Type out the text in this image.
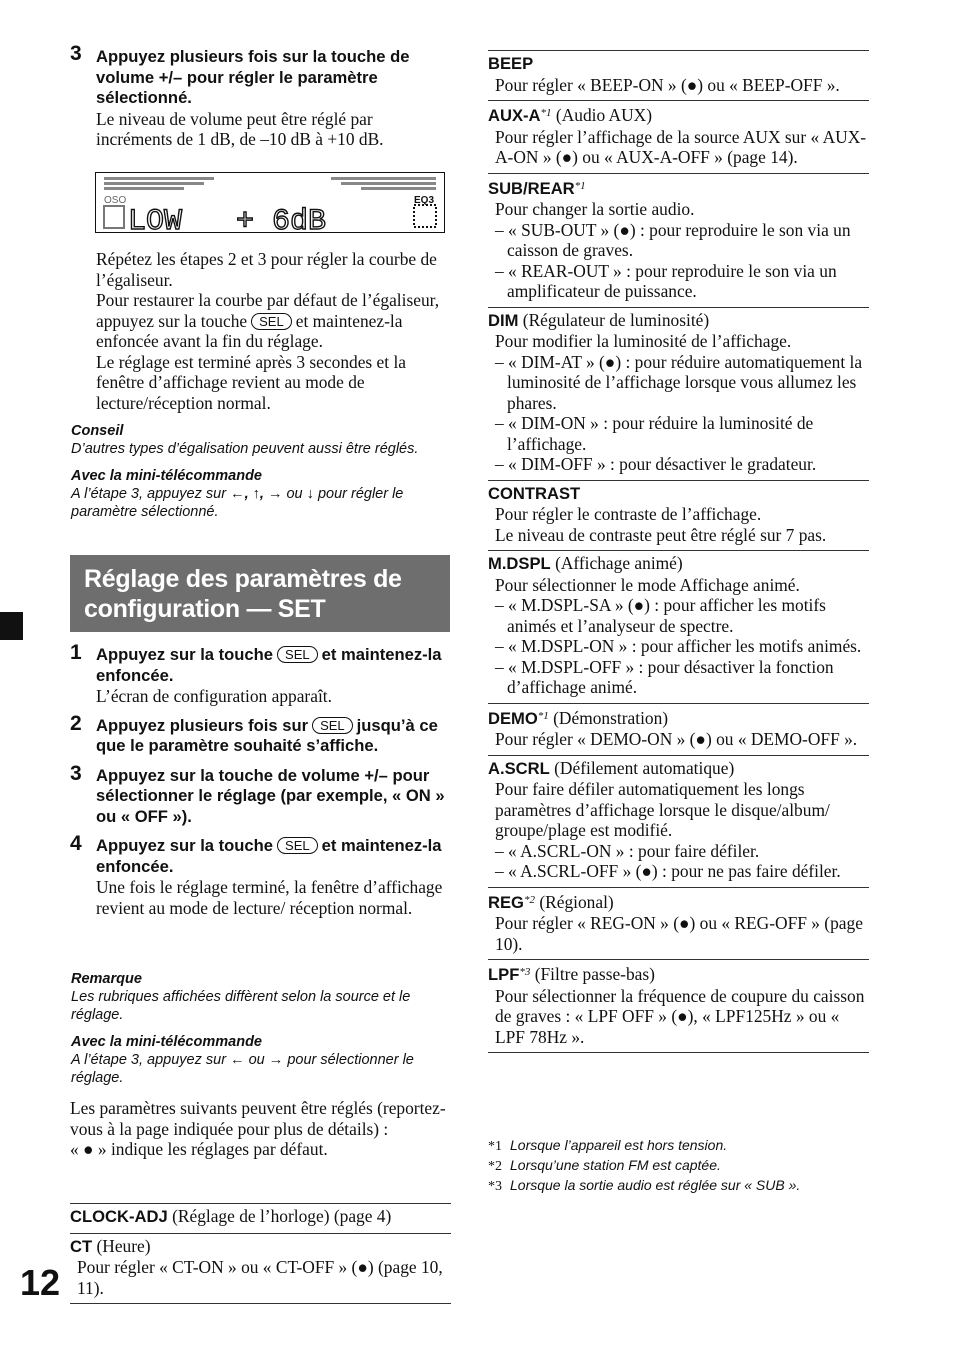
3 Appuyez plusieurs fois sur la touche de volume +/– pour régler le paramètre sélectionné.
Le niveau de volume peut être réglé par incréments de 1 dB, de –10 dB à +10 dB.
OSO	EQ3
LOW   + 6dB
Répétez les étapes 2 et 3 pour régler la courbe de l’égaliseur.
Pour restaurer la courbe par défaut de l’égaliseur, appuyez sur la touche SEL et maintenez-la enfoncée avant la fin du réglage.
Le réglage est terminé après 3 secondes et la fenêtre d’affichage revient au mode de lecture/réception normal.
Conseil
D’autres types d’égalisation peuvent aussi être réglés.
Avec la mini-télécommande
A l’étape 3, appuyez sur ←, ↑, → ou ↓ pour régler le paramètre sélectionné.
Réglage des paramètres de configuration — SET
1 Appuyez sur la touche SEL et maintenez-la enfoncée.
L’écran de configuration apparaît.
2 Appuyez plusieurs fois sur SEL jusqu’à ce que le paramètre souhaité s’affiche.
3 Appuyez sur la touche de volume +/– pour sélectionner le réglage (par exemple, « ON » ou « OFF »).
4 Appuyez sur la touche SEL et maintenez-la enfoncée.
Une fois le réglage terminé, la fenêtre d’affichage revient au mode de lecture/ réception normal.
Remarque
Les rubriques affichées diffèrent selon la source et le réglage.
Avec la mini-télécommande
A l’étape 3, appuyez sur ← ou → pour sélectionner le réglage.
Les paramètres suivants peuvent être réglés (reportez-vous à la page indiquée pour plus de détails) :
« ● » indique les réglages par défaut.
CLOCK-ADJ (Réglage de l’horloge) (page 4)
CT (Heure)
Pour régler « CT-ON » ou « CT-OFF » (●) (page 10, 11).
12
BEEP
Pour régler « BEEP-ON » (●) ou « BEEP-OFF ».
AUX-$A^{*1}$ (Audio AUX)
Pour régler l’affichage de la source AUX sur « AUX-A-ON » (●) ou « AUX-A-OFF » (page 14).
SUB/REAR$^{*1}$
Pour changer la sortie audio.
– « SUB-OUT » (●) : pour reproduire le son via un caisson de graves.
– « REAR-OUT » : pour reproduire le son via un amplificateur de puissance.
DIM (Régulateur de luminosité)
Pour modifier la luminosité de l’affichage.
– « DIM-AT » (●) : pour réduire automatiquement la luminosité de l’affichage lorsque vous allumez les phares.
– « DIM-ON » : pour réduire la luminosité de l’affichage.
– « DIM-OFF » : pour désactiver le gradateur.
CONTRAST
Pour régler le contraste de l’affichage.
Le niveau de contraste peut être réglé sur 7 pas.
M.DSPL (Affichage animé)
Pour sélectionner le mode Affichage animé.
– « M.DSPL-SA » (●) : pour afficher les motifs animés et l’analyseur de spectre.
– « M.DSPL-ON » : pour afficher les motifs animés.
– « M.DSPL-OFF » : pour désactiver la fonction d’affichage animé.
DEMO$^{*1}$ (Démonstration)
Pour régler « DEMO-ON » (●) ou « DEMO-OFF ».
A.SCRL (Défilement automatique)
Pour faire défiler automatiquement les longs paramètres d’affichage lorsque le disque/album/ groupe/plage est modifié.
– « A.SCRL-ON » : pour faire défiler.
– « A.SCRL-OFF » (●) : pour ne pas faire défiler.
REG$^{*2}$ (Régional)
Pour régler « REG-ON » (●) ou « REG-OFF » (page 10).
LPF$^{*3}$ (Filtre passe-bas)
Pour sélectionner la fréquence de coupure du caisson de graves : « LPF OFF » (●), « LPF125Hz » ou « LPF 78Hz ».
*1 Lorsque l’appareil est hors tension.
*2 Lorsqu’une station FM est captée.
*3 Lorsque la sortie audio est réglée sur « SUB ».
